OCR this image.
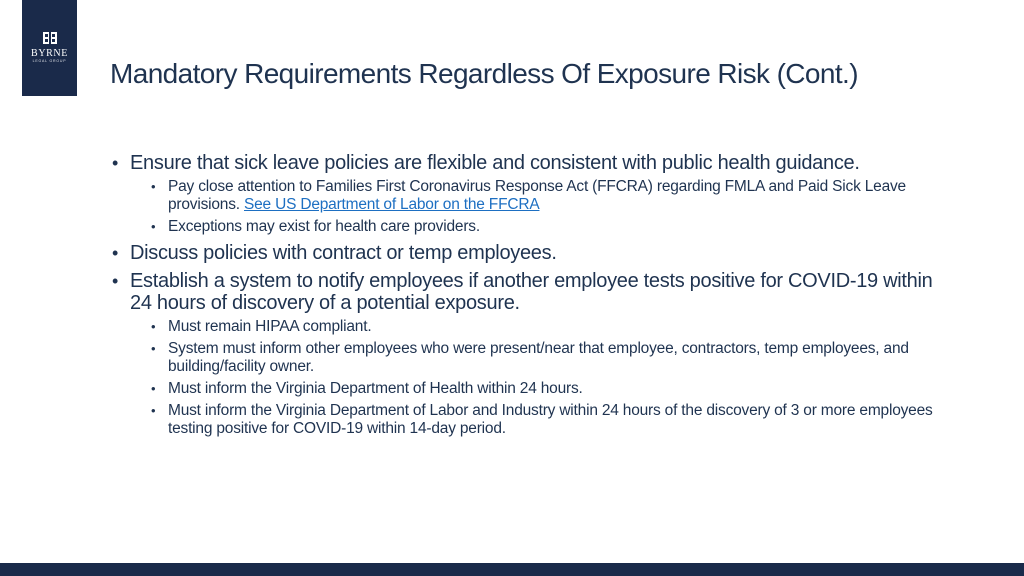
BYRNE
LEGAL GROUP Mandatory Requirements Regardless Of Exposure Risk (Cont.)
• Ensure that sick leave policies are flexible and consistent with public health guidance.
• Pay close attention to Families First Coronavirus Response Act (FFCRA) regarding FMLA and Paid Sick Leave provisions. See US Department of Labor on the FFCRA
• Exceptions may exist for health care providers.
• Discuss policies with contract or temp employees.
• Establish a system to notify employees if another employee tests positive for COVID-19 within 24 hours of discovery of a potential exposure.
• Must remain HIPAA compliant.
• System must inform other employees who were present/near that employee, contractors, temp employees, and building/facility owner.
• Must inform the Virginia Department of Health within 24 hours.
• Must inform the Virginia Department of Labor and Industry within 24 hours of the discovery of 3 or more employees testing positive for COVID-19 within 14-day period.
